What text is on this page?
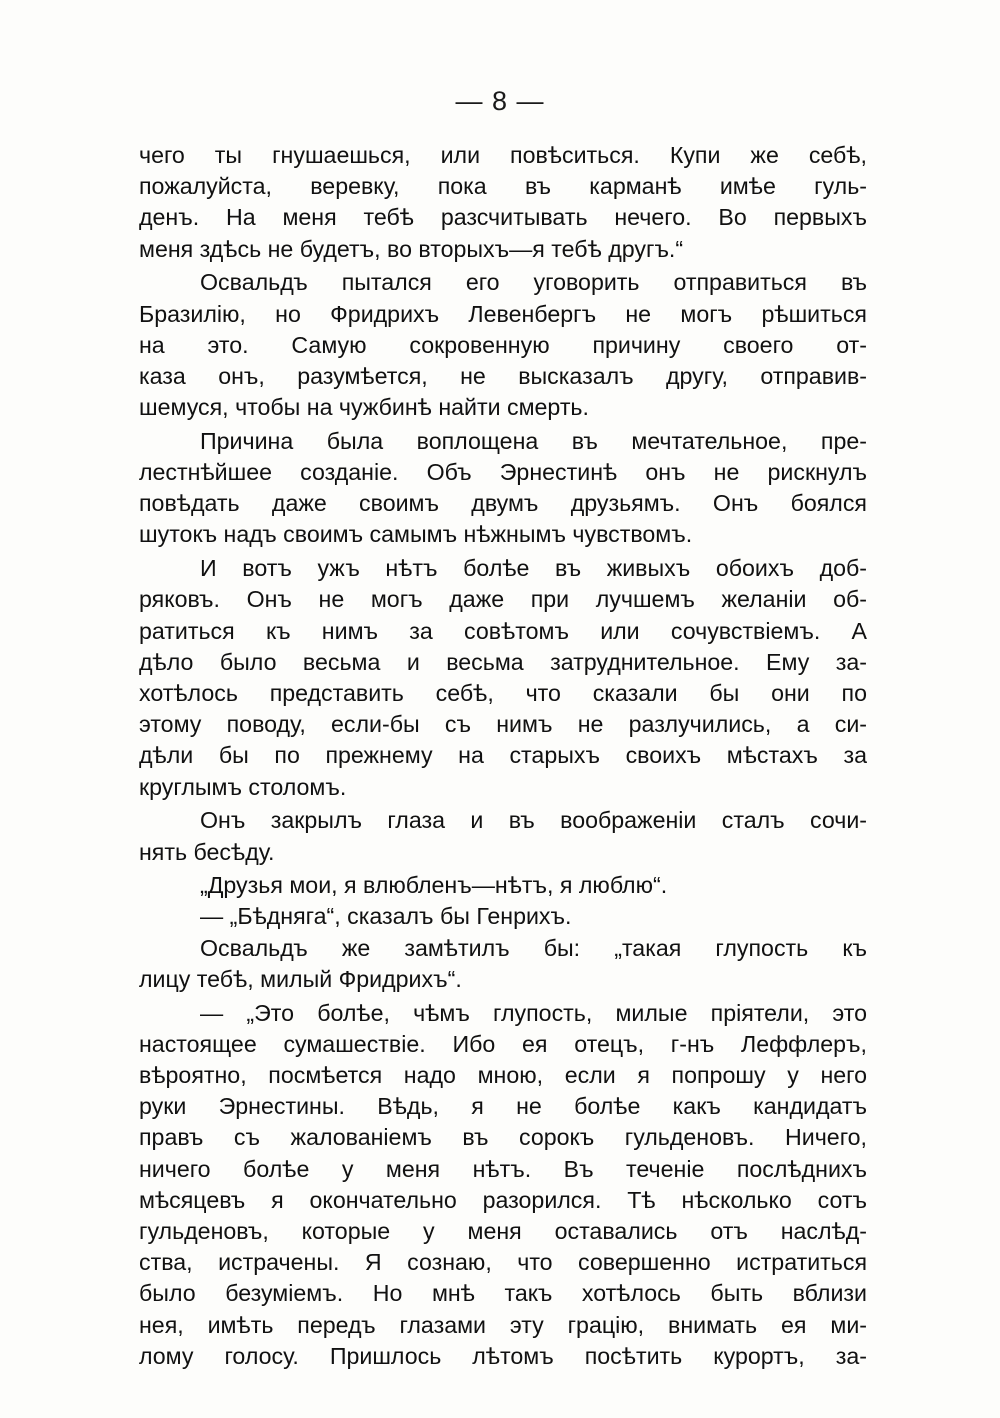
— 8 —
чего ты гнушаешься, или повѣситься. Купи же себѣ,
пожалуйста, веревку, пока въ карманѣ имѣе гуль-
денъ. На меня тебѣ разсчитывать нечего. Во первыхъ
меня здѣсь не будетъ, во вторыхъ—я тебѣ другъ.“
Освальдъ пытался его уговорить отправиться въ
Бразилію, но Фридрихъ Левенбергъ не могъ рѣшиться
на это. Самую сокровенную причину своего от-
каза онъ, разумѣется, не высказалъ другу, отправив-
шемуся, чтобы на чужбинѣ найти смерть.
Причина была воплощена въ мечтательное, пре-
лестнѣйшее созданіе. Объ Эрнестинѣ онъ не рискнулъ
повѣдать даже своимъ двумъ друзьямъ. Онъ боялся
шутокъ надъ своимъ самымъ нѣжнымъ чувствомъ.
И вотъ ужъ нѣтъ болѣе въ живыхъ обоихъ доб-
ряковъ. Онъ не могъ даже при лучшемъ желаніи об-
ратиться къ нимъ за совѣтомъ или сочувствіемъ. А
дѣло было весьма и весьма затруднительное. Ему за-
хотѣлось представить себѣ, что сказали бы они по
этому поводу, если-бы съ нимъ не разлучились, а си-
дѣли бы по прежнему на старыхъ своихъ мѣстахъ за
круглымъ столомъ.
Онъ закрылъ глаза и въ воображеніи сталъ сочи-
нять бесѣду.
„Друзья мои, я влюбленъ—нѣтъ, я люблю“.
— „Бѣдняга“, сказалъ бы Генрихъ.
Освальдъ же замѣтилъ бы: „такая глупость къ
лицу тебѣ, милый Фридрихъ“.
— „Это болѣе, чѣмъ глупость, милые пріятели, это
настоящее сумашествіе. Ибо ея отецъ, г-нъ Леффлеръ,
вѣроятно, посмѣется надо мною, если я попрошу у него
руки Эрнестины. Вѣдь, я не болѣе какъ кандидатъ
правъ съ жалованіемъ въ сорокъ гульденовъ. Ничего,
ничего болѣе у меня нѣтъ. Въ теченіе послѣднихъ
мѣсяцевъ я окончательно разорился. Тѣ нѣсколько сотъ
гульденовъ, которые у меня оставались отъ наслѣд-
ства, истрачены. Я сознаю, что совершенно истратиться
было безуміемъ. Но мнѣ такъ хотѣлось быть вблизи
нея, имѣть передъ глазами эту грацію, внимать ея ми-
лому голосу. Пришлось лѣтомъ посѣтить курортъ, за-
